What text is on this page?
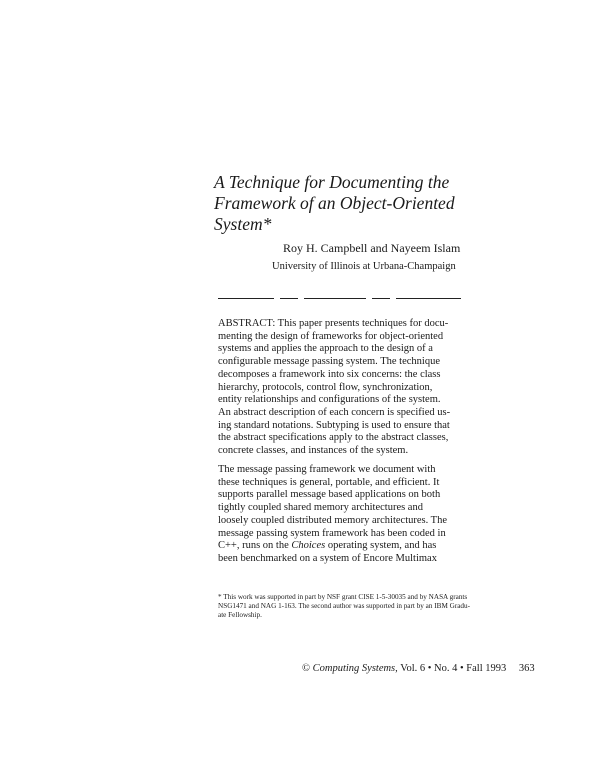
A Technique for Documenting the
Framework of an Object-Oriented
System*
Roy H. Campbell and Nayeem Islam
University of Illinois at Urbana-Champaign
ABSTRACT: This paper presents techniques for docu-
menting the design of frameworks for object-oriented
systems and applies the approach to the design of a
configurable message passing system. The technique
decomposes a framework into six concerns: the class
hierarchy, protocols, control flow, synchronization,
entity relationships and configurations of the system.
An abstract description of each concern is specified us-
ing standard notations. Subtyping is used to ensure that
the abstract specifications apply to the abstract classes,
concrete classes, and instances of the system.
The message passing framework we document with
these techniques is general, portable, and efficient. It
supports parallel message based applications on both
tightly coupled shared memory architectures and
loosely coupled distributed memory architectures. The
message passing system framework has been coded in
C++, runs on the Choices operating system, and has
been benchmarked on a system of Encore Multimax
* This work was supported in part by NSF grant CISE 1-5-30035 and by NASA grants
NSG1471 and NAG 1-163. The second author was supported in part by an IBM Gradu-
ate Fellowship.
© Computing Systems, Vol. 6 • No. 4 • Fall 1993 363
